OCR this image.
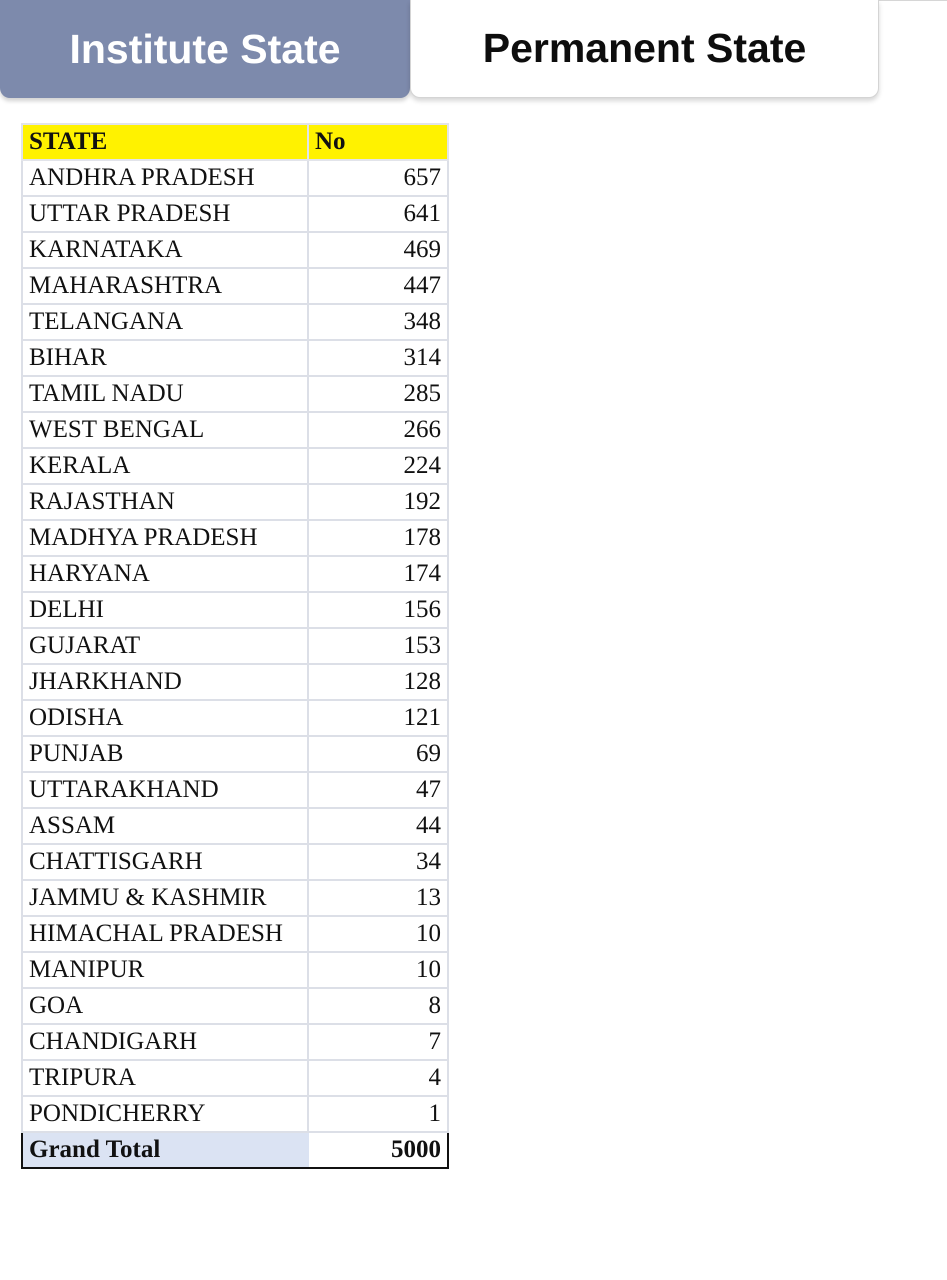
Institute State	Permanent State
STATE	No
ANDHRA PRADESH	657
UTTAR PRADESH	641
KARNATAKA	469
MAHARASHTRA	447
TELANGANA	348
BIHAR	314
TAMIL NADU	285
WEST BENGAL	266
KERALA	224
RAJASTHAN	192
MADHYA PRADESH	178
HARYANA	174
DELHI	156
GUJARAT	153
JHARKHAND	128
ODISHA	121
PUNJAB	69
UTTARAKHAND	47
ASSAM	44
CHATTISGARH	34
JAMMU & KASHMIR	13
HIMACHAL PRADESH	10
MANIPUR	10
GOA	8
CHANDIGARH	7
TRIPURA	4
PONDICHERRY	1
Grand Total	5000
